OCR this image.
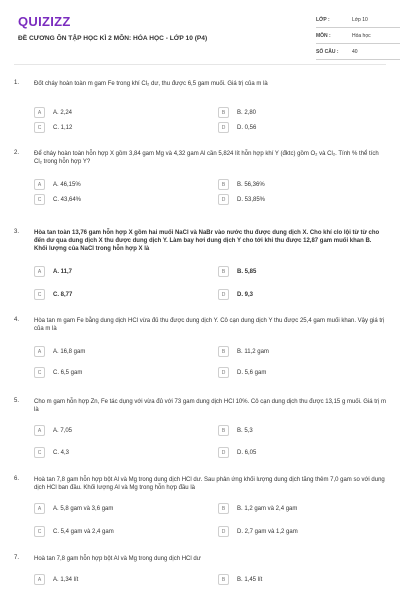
QUIZIZZ
ĐỀ CƯƠNG ÔN TẬP HỌC KÌ 2 MÔN: HÓA HỌC - LỚP 10 (P4)
LỚP :	Lớp 10
MÔN :	Hóa học
SỐ CÂU :	40
1. Đốt cháy hoàn toàn m gam Fe trong khí Cl₂ dư, thu được 6,5 gam muối. Giá trị của m là
A	A. 2,24	B	B. 2,80
C	C. 1,12	D	D. 0,56
2. Để cháy hoàn toàn hỗn hợp X gồm 3,84 gam Mg và 4,32 gam Al cần 5,824 lít hỗn hợp khí Y (đktc) gồm O₂ và Cl₂. Tính % thể tích Cl₂ trong hỗn hợp Y?
A	A. 46,15%	B	B. 56,36%
C	C. 43,64%	D	D. 53,85%
3. Hòa tan toàn 13,76 gam hỗn hợp X gồm hai muối NaCl và NaBr vào nước thu được dung dịch X. Cho khí clo lội từ từ cho đến dư qua dung dịch X thu được dung dịch Y. Làm bay hơi dung dịch Y cho tới khi thu được 12,87 gam muối khan B. Khối lượng của NaCl trong hỗn hợp X là
A	A. 11,7	B	B. 5,85
C	C. 8,77	D	D. 9,3
4. Hòa tan m gam Fe bằng dung dịch HCl vừa đủ thu được dung dịch Y. Cô cạn dung dịch Y thu được 25,4 gam muối khan. Vậy giá trị của m là
A	A. 16,8 gam	B	B. 11,2 gam
C	C. 6,5 gam	D	D. 5,6 gam
5. Cho m gam hỗn hợp Zn, Fe tác dụng với vừa đủ với 73 gam dung dịch HCl 10%. Cô cạn dung dịch thu được 13,15 g muối. Giá trị m là
A	A. 7,05	B	B. 5,3
C	C. 4,3	D	D. 6,05
6. Hoà tan 7,8 gam hỗn hợp bột Al và Mg trong dung dịch HCl dư. Sau phản ứng khối lượng dung dịch tăng thêm 7,0 gam so với dung dịch HCl ban đầu. Khối lượng Al và Mg trong hỗn hợp đầu là
A	A. 5,8 gam và 3,6 gam	B	B. 1,2 gam và 2,4 gam
C	C. 5,4 gam và 2,4 gam	D	D. 2,7 gam và 1,2 gam
7. Hoà tan 7,8 gam hỗn hợp bột Al và Mg trong dung dịch HCl dư
A	A. 1,34 lít	B	B. 1,45 lít
